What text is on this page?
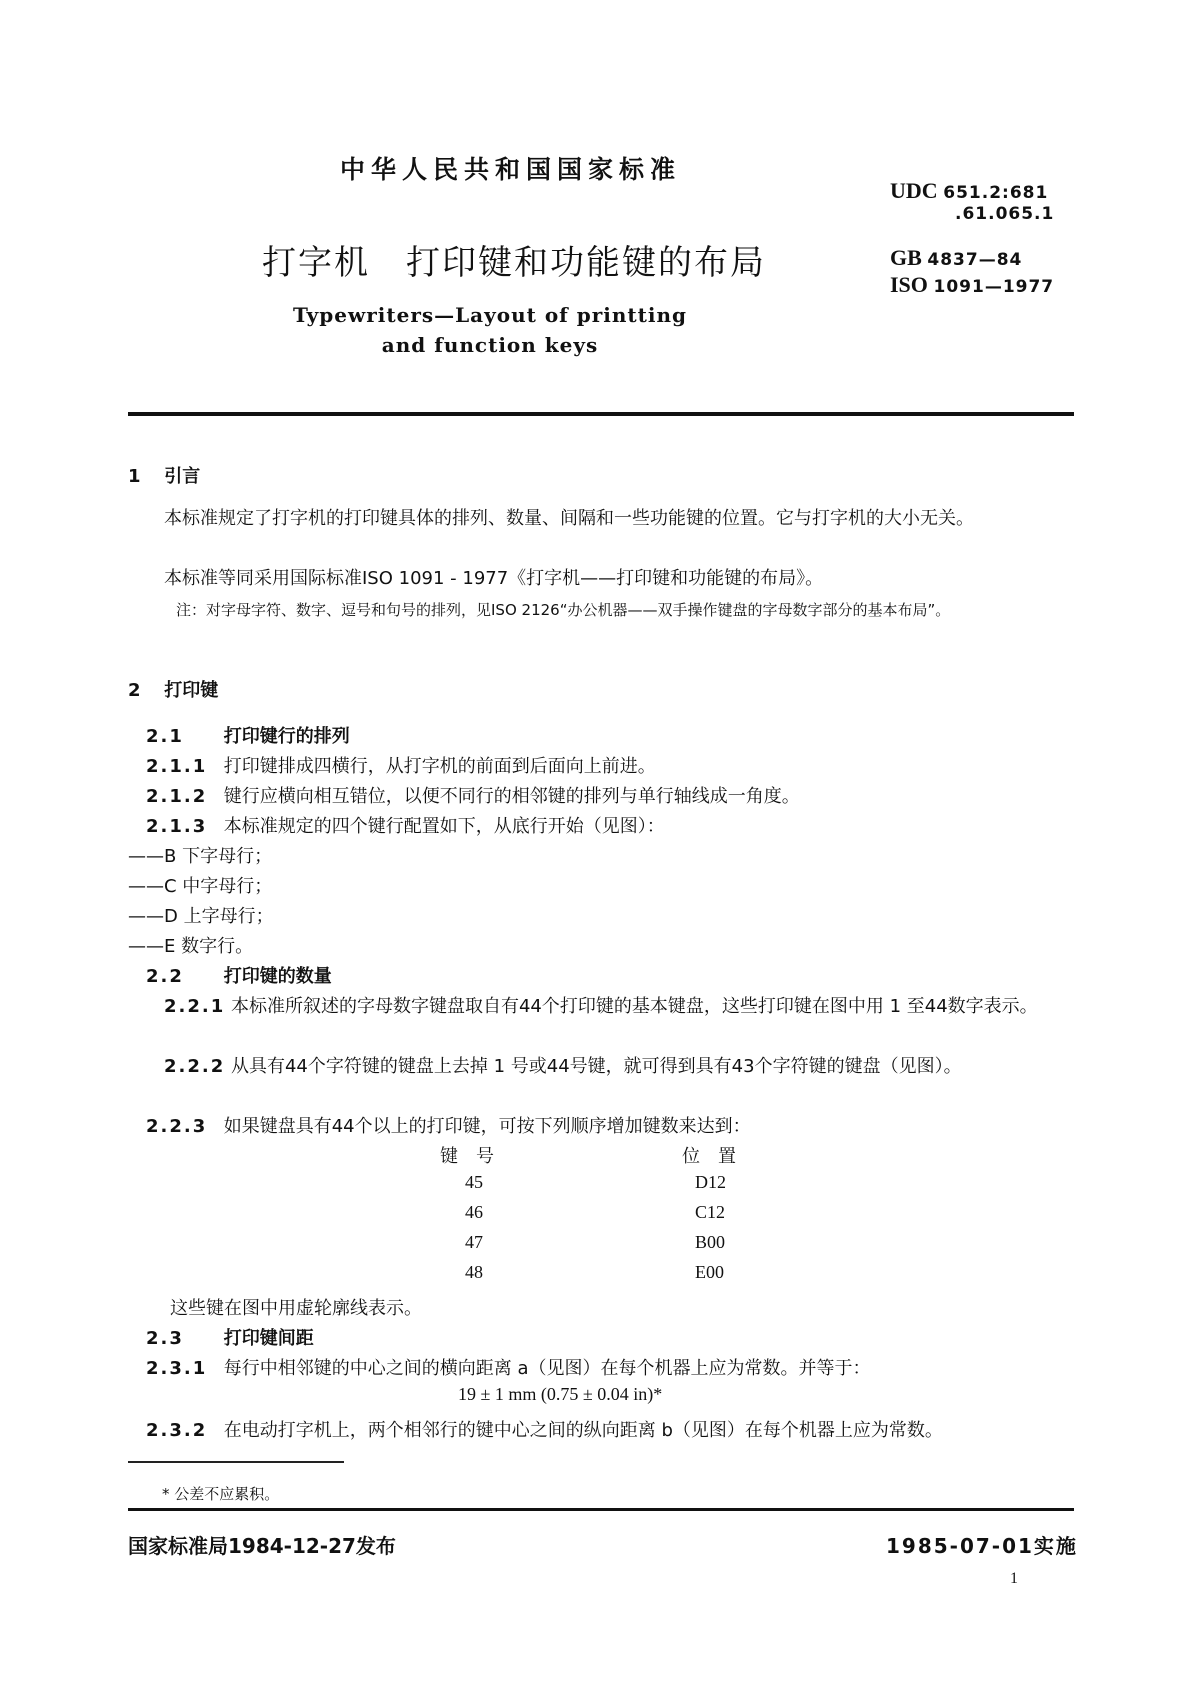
中华人民共和国国家标准
打字机　打印键和功能键的布局
Typewriters—Layout of printting
and function keys
UDC 651.2:681
.61.065.1
GB 4837—84
ISO 1091—1977
1 引言
本标准规定了打字机的打印键具体的排列、数量、间隔和一些功能键的位置。它与打字机的大小无关。
本标准等同采用国际标准ISO 1091 - 1977《打字机——打印键和功能键的布局》。
注：对字母字符、数字、逗号和句号的排列，见ISO 2126“办公机器——双手操作键盘的字母数字部分的基本布局”。
2 打印键
2.1 打印键行的排列
2.1.1 打印键排成四横行，从打字机的前面到后面向上前进。
2.1.2 键行应横向相互错位，以便不同行的相邻键的排列与单行轴线成一角度。
2.1.3 本标准规定的四个键行配置如下，从底行开始（见图）：
——B 下字母行；
——C 中字母行；
——D 上字母行；
——E 数字行。
2.2 打印键的数量
2.2.1 本标准所叙述的字母数字键盘取自有44个打印键的基本键盘，这些打印键在图中用 1 至44数字表示。
2.2.2 从具有44个字符键的键盘上去掉 1 号或44号键，就可得到具有43个字符键的键盘（见图）。
2.2.3 如果键盘具有44个以上的打印键，可按下列顺序增加键数来达到：
键　号	位　置
45	D12
46	C12
47	B00
48	E00
这些键在图中用虚轮廓线表示。
2.3 打印键间距
2.3.1 每行中相邻键的中心之间的横向距离 a（见图）在每个机器上应为常数。并等于：
19 ± 1 mm (0.75 ± 0.04 in)*
2.3.2 在电动打字机上，两个相邻行的键中心之间的纵向距离 b（见图）在每个机器上应为常数。
* 公差不应累积。
国家标准局1984-12-27发布	1985-07-01实施
1
